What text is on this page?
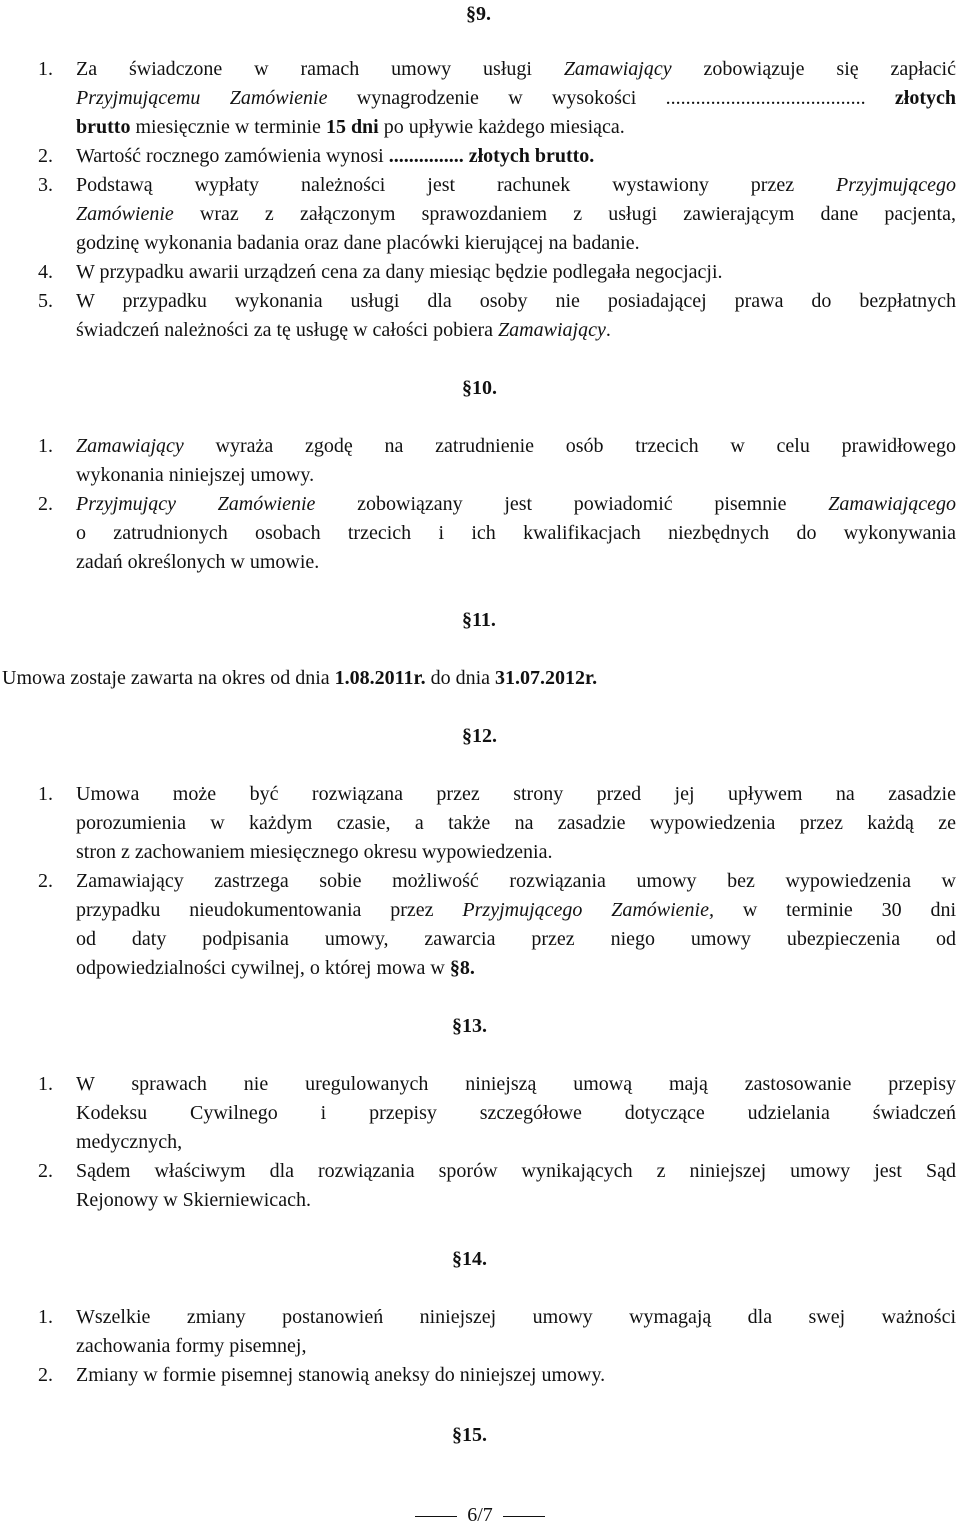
§9.
1.	Za świadczone w ramach umowy usługi Zamawiający zobowiązuje się zapłacić
Przyjmującemu Zamówienie wynagrodzenie w wysokości ........................................ złotych
brutto miesięcznie w terminie 15 dni po upływie każdego miesiąca.
2.	Wartość rocznego zamówienia wynosi ............... złotych brutto.
3.	Podstawą wypłaty należności jest rachunek wystawiony przez Przyjmującego
Zamówienie wraz z załączonym sprawozdaniem z usługi zawierającym dane pacjenta,
godzinę wykonania badania oraz dane placówki kierującej na badanie.
4.	W przypadku awarii urządzeń cena za dany miesiąc będzie podlegała negocjacji.
5.	W przypadku wykonania usługi dla osoby nie posiadającej prawa do bezpłatnych
świadczeń należności za tę usługę w całości pobiera Zamawiający.
§10.
1.	Zamawiający wyraża zgodę na zatrudnienie osób trzecich w celu prawidłowego
wykonania niniejszej umowy.
2.	Przyjmujący Zamówienie zobowiązany jest powiadomić pisemnie Zamawiającego
o zatrudnionych osobach trzecich i ich kwalifikacjach niezbędnych do wykonywania
zadań określonych w umowie.
§11.
Umowa zostaje zawarta na okres od dnia 1.08.2011r. do dnia 31.07.2012r.
§12.
1.	Umowa może być rozwiązana przez strony przed jej upływem na zasadzie
porozumienia w każdym czasie, a także na zasadzie wypowiedzenia przez każdą ze
stron z zachowaniem miesięcznego okresu wypowiedzenia.
2.	Zamawiający zastrzega sobie możliwość rozwiązania umowy bez wypowiedzenia w
przypadku nieudokumentowania przez Przyjmującego Zamówienie, w terminie 30 dni
od daty podpisania umowy, zawarcia przez niego umowy ubezpieczenia od
odpowiedzialności cywilnej, o której mowa w §8.
§13.
1.	W sprawach nie uregulowanych niniejszą umową mają zastosowanie przepisy
Kodeksu Cywilnego i przepisy szczegółowe dotyczące udzielania świadczeń
medycznych,
2.	Sądem właściwym dla rozwiązania sporów wynikających z niniejszej umowy jest Sąd
Rejonowy w Skierniewicach.
§14.
1.	Wszelkie zmiany postanowień niniejszej umowy wymagają dla swej ważności
zachowania formy pisemnej,
2.	Zmiany w formie pisemnej stanowią aneksy do niniejszej umowy.
§15.
6/7
